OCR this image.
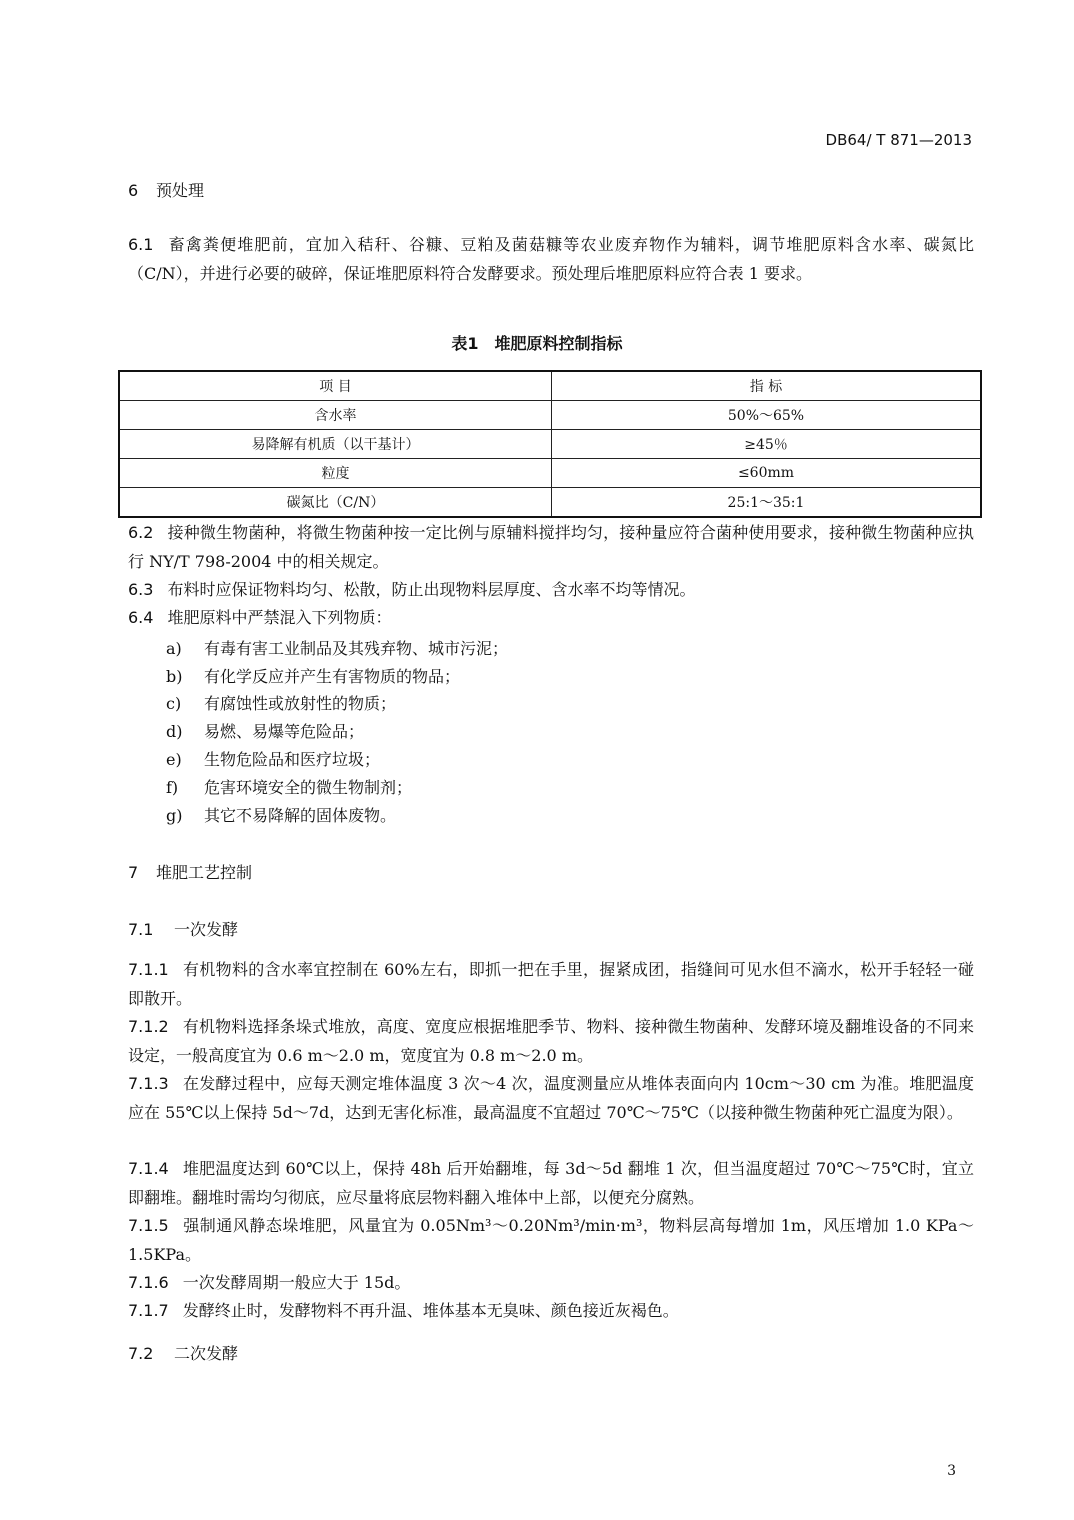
DB64/ T 871—2013
6 预处理
6.1 畜禽粪便堆肥前，宜加入秸秆、谷糠、豆粕及菌菇糠等农业废弃物作为辅料，调节堆肥原料含水率、碳氮比（C/N），并进行必要的破碎，保证堆肥原料符合发酵要求。预处理后堆肥原料应符合表 1 要求。
表1　堆肥原料控制指标
项 目	指 标
含水率	50%～65%
易降解有机质（以干基计）	≥45％
粒度	≤60mm
碳氮比（C/N）	25:1～35:1
6.2 接种微生物菌种，将微生物菌种按一定比例与原辅料搅拌均匀，接种量应符合菌种使用要求，接种微生物菌种应执行 NY/T 798-2004 中的相关规定。
6.3 布料时应保证物料均匀、松散，防止出现物料层厚度、含水率不均等情况。
6.4 堆肥原料中严禁混入下列物质：
a) 有毒有害工业制品及其残弃物、城市污泥；
b) 有化学反应并产生有害物质的物品；
c) 有腐蚀性或放射性的物质；
d) 易燃、易爆等危险品；
e) 生物危险品和医疗垃圾；
f) 危害环境安全的微生物制剂；
g) 其它不易降解的固体废物。
7 堆肥工艺控制
7.1 一次发酵
7.1.1 有机物料的含水率宜控制在 60%左右，即抓一把在手里，握紧成团，指缝间可见水但不滴水，松开手轻轻一碰即散开。
7.1.2 有机物料选择条垛式堆放，高度、宽度应根据堆肥季节、物料、接种微生物菌种、发酵环境及翻堆设备的不同来设定，一般高度宜为 0.6 m～2.0 m，宽度宜为 0.8 m～2.0 m。
7.1.3 在发酵过程中，应每天测定堆体温度 3 次～4 次，温度测量应从堆体表面向内 10cm～30 cm 为准。堆肥温度应在 55℃以上保持 5d～7d，达到无害化标准，最高温度不宜超过 70℃～75℃（以接种微生物菌种死亡温度为限）。
7.1.4 堆肥温度达到 60℃以上，保持 48h 后开始翻堆，每 3d～5d 翻堆 1 次，但当温度超过 70℃～75℃时，宜立即翻堆。翻堆时需均匀彻底，应尽量将底层物料翻入堆体中上部，以便充分腐熟。
7.1.5 强制通风静态垛堆肥，风量宜为 0.05Nm³～0.20Nm³/min·m³，物料层高每增加 1m，风压增加 1.0 KPa～1.5KPa。
7.1.6 一次发酵周期一般应大于 15d。
7.1.7 发酵终止时，发酵物料不再升温、堆体基本无臭味、颜色接近灰褐色。
7.2 二次发酵
3
